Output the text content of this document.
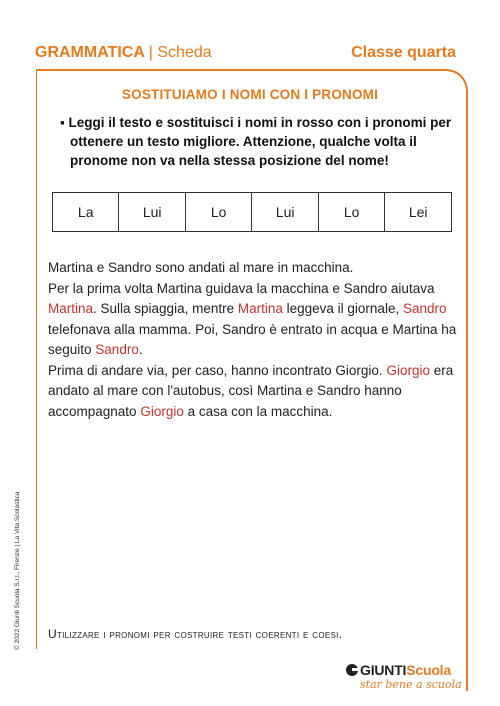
GRAMMATICA | Scheda	Classe quarta
SOSTITUIAMO I NOMI CON I PRONOMI
▪ Leggi il testo e sostituisci i nomi in rosso con i pronomi per ottenere un testo migliore. Attenzione, qualche volta il pronome non va nella stessa posizione del nome!
La	Lui	Lo	Lui	Lo	Lei

Martina e Sandro sono andati al mare in macchina.

Per la prima volta Martina guidava la macchina e Sandro aiutava Martina. Sulla spiaggia, mentre Martina leggeva il giornale, Sandro telefonava alla mamma. Poi, Sandro è entrato in acqua e Martina ha seguito Sandro.

Prima di andare via, per caso, hanno incontrato Giorgio. Giorgio era andato al mare con l'autobus, così Martina e Sandro hanno accompagnato Giorgio a casa con la macchina.

© 2022 Giunti Scuola S.r.l., Firenze | La Vita Scolastica Utilizzare i pronomi per costruire testi coerenti e coesi.
GIUNTIScuola
star bene a scuola
